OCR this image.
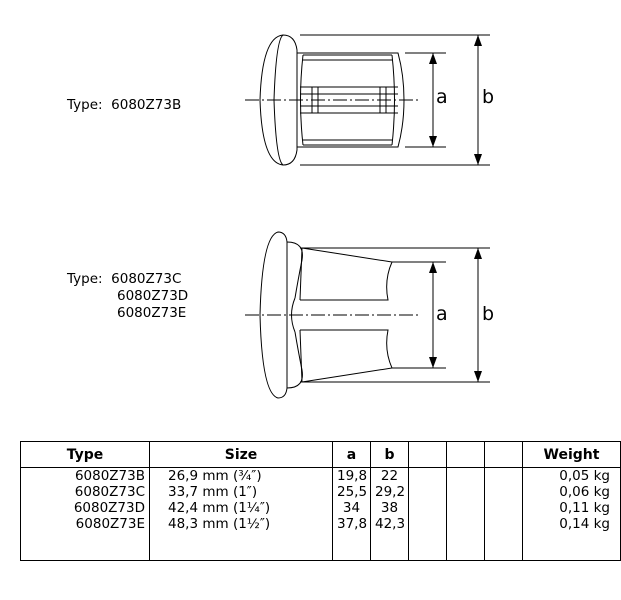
Type: 6080Z73B
Type: 6080Z73C
6080Z73D
6080Z73E
a b
a b
Type	Size	a	b				Weight
6080Z73B	26,9 mm (¾″)	19,8	22				0,05 kg
6080Z73C	33,7 mm (1″)	25,5	29,2				0,06 kg
6080Z73D	42,4 mm (1¼″)	34	38				0,11 kg
6080Z73E	48,3 mm (1½″)	37,8	42,3				0,14 kg
